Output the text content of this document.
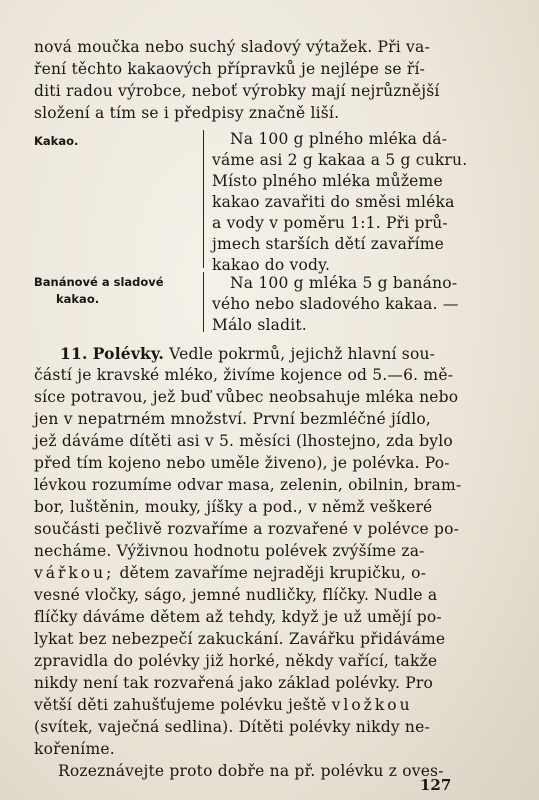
nová moučka nebo suchý sladový výtažek. Při va-
ření těchto kakaových přípravků je nejlépe se ří-
diti radou výrobce, neboť výrobky mají nejrůznější
složení a tím se i předpisy značně liší.
Kakao.	Na 100 g plného mléka dá-
váme asi 2 g kakaa a 5 g cukru.
Místo plného mléka můžeme
kakao zavařiti do směsi mléka
a vody v poměru 1:1. Při prů-
jmech starších dětí zavaříme
kakao do vody.
Banánové a sladové
kakao.
Na 100 g mléka 5 g banáno-
vého nebo sladového kakaa. —
Málo sladit.
11. Polévky. Vedle pokrmů, jejichž hlavní sou-
částí je kravské mléko, živíme kojence od 5.—6. mě-
síce potravou, jež buď vůbec neobsahuje mléka nebo
jen v nepatrném množství. První bezmléčné jídlo,
jež dáváme dítěti asi v 5. měsíci (lhostejno, zda bylo
před tím kojeno nebo uměle živeno), je polévka. Po-
lévkou rozumíme odvar masa, zelenin, obilnin, bram-
bor, luštěnin, mouky, jíšky a pod., v němž veškeré
součásti pečlivě rozvaříme a rozvařené v polévce po-
necháme. Výživnou hodnotu polévek zvýšíme za-
vářkou; dětem zavaříme nejraději krupičku, o-
vesné vločky, ságo, jemné nudličky, flíčky. Nudle a
flíčky dáváme dětem až tehdy, když je už umějí po-
lykat bez nebezpečí zakuckání. Zavářku přidáváme
zpravidla do polévky již horké, někdy vařící, takže
nikdy není tak rozvařená jako základ polévky. Pro
větší děti zahušťujeme polévku ještě vložkou
(svítek, vaječná sedlina). Dítěti polévky nikdy ne-
kořeníme.
Rozeznávejte proto dobře na př. polévku z oves-
127
